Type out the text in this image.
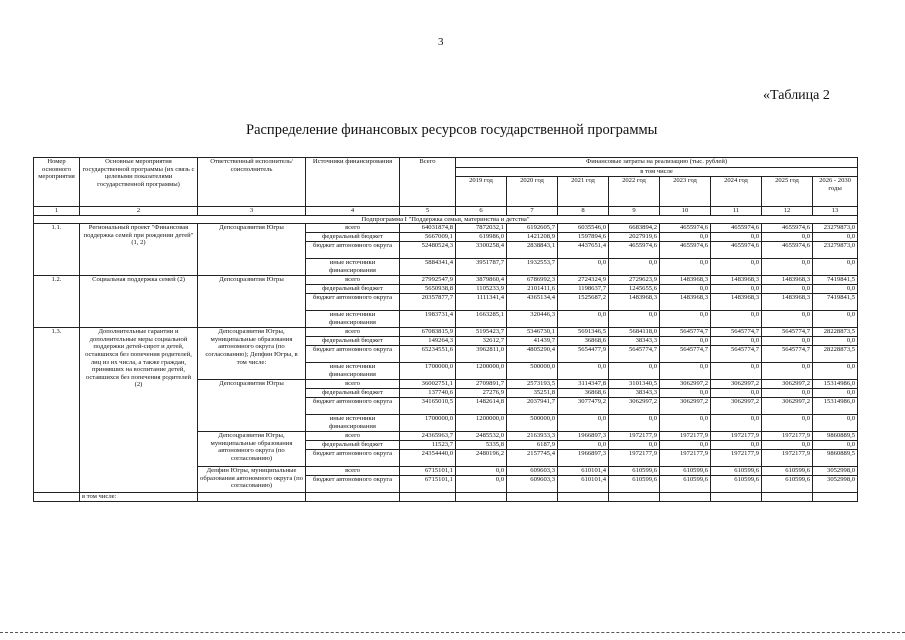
3
«Таблица 2
Распределение финансовых ресурсов государственной программы
Номер основного мероприятия	Основные мероприятия государственной программы (их связь с целевыми показателями государственной программы)	Ответственный исполнитель/ соисполнитель	Источники финансирования	Всего	Финансовые затраты на реализацию (тыс. рублей)							
					в том числе							
					2019 год	2020 год	2021 год	2022 год	2023 год	2024 год	2025 год	2026 - 2030 годы
1	2	3	4	5	6	7	8	9	10	11	12	13
Подпрограмма I "Поддержка семьи, материнства и детства"												
1.1.	Региональный проект "Финансовая поддержка семей при рождении детей" (1, 2)	Депсоцразвития Югры	всего	64031874,8	7872032,1	6192605,7	6035546,0	6683894,2	4655974,6	4655974,6	4655974,6	23279873,0
			федеральный бюджет	5667009,1	619986,0	1421208,9	1597894,6	2027919,6	0,0	0,0	0,0	0,0
			бюджет автономного округа	52480524,3	3300258,4	2838843,1	4437651,4	4655974,6	4655974,6	4655974,6	4655974,6	23279873,0
			иные источники финансирования	5884341,4	3951787,7	1932553,7	0,0	0,0	0,0	0,0	0,0	0,0
1.2.	Социальная поддержка семей (2)	Депсоцразвития Югры	всего	27992547,9	3879860,4	6786992,3	2724324,9	2729623,9	1483968,3	1483968,3	1483968,3	7419841,5
			федеральный бюджет	5650938,8	1105233,9	2101411,6	1198637,7	1245655,6	0,0	0,0	0,0	0,0
			бюджет автономного округа	20357877,7	1111341,4	4365134,4	1525687,2	1483968,3	1483968,3	1483968,3	1483968,3	7419841,5
			иные источники финансирования	1983731,4	1663285,1	320446,3	0,0	0,0	0,0	0,0	0,0	0,0
1.3.	Дополнительные гарантии и дополнительные меры социальной поддержки детей-сирот и детей, оставшихся без попечения родителей, лиц из их числа, а также граждан, принявших на воспитание детей, оставшихся без попечения родителей (2)	Депсоцразвития Югры, муниципальные образования автономного округа (по согласованию); Депфин Югры, в том числе:	всего	67083815,9	5195423,7	5346730,1	5691346,5	5684118,0	5645774,7	5645774,7	5645774,7	28228873,5
			федеральный бюджет	149264,3	32612,7	41439,7	36868,6	38343,3	0,0	0,0	0,0	0,0
			бюджет автономного округа	65234551,6	3962811,0	4805290,4	5654477,9	5645774,7	5645774,7	5645774,7	5645774,7	28228873,5
			иные источники финансирования	1700000,0	1200000,0	500000,0	0,0	0,0	0,0	0,0	0,0	0,0
		Депсоцразвития Югры	всего	36002751,1	2709891,7	2573193,5	3114347,8	3101340,5	3062997,2	3062997,2	3062997,2	15314986,0
			федеральный бюджет	137740,6	27276,9	35251,8	36868,6	38343,3	0,0	0,0	0,0	0,0
			бюджет автономного округа	34165010,5	1482614,8	2037941,7	3077479,2	3062997,2	3062997,2	3062997,2	3062997,2	15314986,0
			иные источники финансирования	1700000,0	1200000,0	500000,0	0,0	0,0	0,0	0,0	0,0	0,0
		Депсоцразвития Югры, муниципальные образования автономного округа (по согласованию)	всего	24365963,7	2485532,0	2163933,3	1966897,3	1972177,9	1972177,9	1972177,9	1972177,9	9860889,5
			федеральный бюджет	11523,7	5335,8	6187,9	0,0	0,0	0,0	0,0	0,0	0,0
			бюджет автономного округа	24354440,0	2480196,2	2157745,4	1966897,3	1972177,9	1972177,9	1972177,9	1972177,9	9860889,5
		Депфин Югры, муниципальные образования автономного округа (по согласованию)	всего	6715101,1	0,0	609603,3	610101,4	610599,6	610599,6	610599,6	610599,6	3052998,0
			бюджет автономного округа	6715101,1	0,0	609603,3	610101,4	610599,6	610599,6	610599,6	610599,6	3052998,0
	в том числе:											
